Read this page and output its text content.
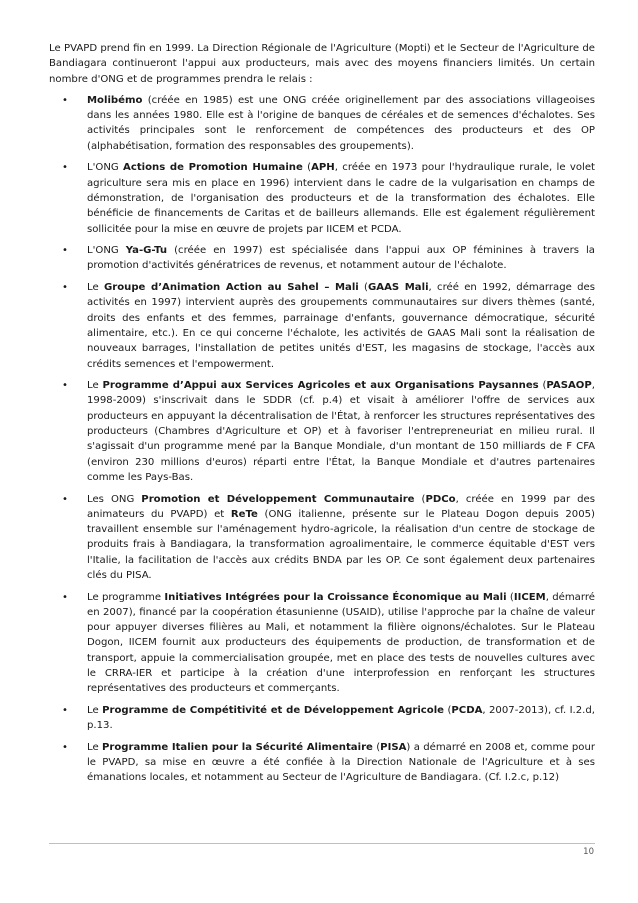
Le PVAPD prend fin en 1999. La Direction Régionale de l'Agriculture (Mopti) et le Secteur de l'Agriculture de Bandiagara continueront l'appui aux producteurs, mais avec des moyens financiers limités. Un certain nombre d'ONG et de programmes prendra le relais :

• Molibémo (créée en 1985) est une ONG créée originellement par des associations villageoises dans les années 1980. Elle est à l'origine de banques de céréales et de semences d'échalotes. Ses activités principales sont le renforcement de compétences des producteurs et des OP (alphabétisation, formation des responsables des groupements).
• L'ONG Actions de Promotion Humaine (APH, créée en 1973 pour l'hydraulique rurale, le volet agriculture sera mis en place en 1996) intervient dans le cadre de la vulgarisation en champs de démonstration, de l'organisation des producteurs et de la transformation des échalotes. Elle bénéficie de financements de Caritas et de bailleurs allemands. Elle est également régulièrement sollicitée pour la mise en œuvre de projets par IICEM et PCDA.
• L'ONG Ya-G-Tu (créée en 1997) est spécialisée dans l'appui aux OP féminines à travers la promotion d'activités génératrices de revenus, et notamment autour de l'échalote.
• Le Groupe d’Animation Action au Sahel – Mali (GAAS Mali, créé en 1992, démarrage des activités en 1997) intervient auprès des groupements communautaires sur divers thèmes (santé, droits des enfants et des femmes, parrainage d'enfants, gouvernance démocratique, sécurité alimentaire, etc.). En ce qui concerne l'échalote, les activités de GAAS Mali sont la réalisation de nouveaux barrages, l'installation de petites unités d'EST, les magasins de stockage, l'accès aux crédits semences et l'empowerment.
• Le Programme d’Appui aux Services Agricoles et aux Organisations Paysannes (PASAOP, 1998-2009) s'inscrivait dans le SDDR (cf. p.4) et visait à améliorer l'offre de services aux producteurs en appuyant la décentralisation de l'État, à renforcer les structures représentatives des producteurs (Chambres d'Agriculture et OP) et à favoriser l'entrepreneuriat en milieu rural. Il s'agissait d'un programme mené par la Banque Mondiale, d'un montant de 150 milliards de F CFA (environ 230 millions d'euros) réparti entre l'État, la Banque Mondiale et d'autres partenaires comme les Pays-Bas.
• Les ONG Promotion et Développement Communautaire (PDCo, créée en 1999 par des animateurs du PVAPD) et ReTe (ONG italienne, présente sur le Plateau Dogon depuis 2005) travaillent ensemble sur l'aménagement hydro-agricole, la réalisation d'un centre de stockage de produits frais à Bandiagara, la transformation agroalimentaire, le commerce équitable d'EST vers l'Italie, la facilitation de l'accès aux crédits BNDA par les OP. Ce sont également deux partenaires clés du PISA.
• Le programme Initiatives Intégrées pour la Croissance Économique au Mali (IICEM, démarré en 2007), financé par la coopération étasunienne (USAID), utilise l'approche par la chaîne de valeur pour appuyer diverses filières au Mali, et notamment la filière oignons/échalotes. Sur le Plateau Dogon, IICEM fournit aux producteurs des équipements de production, de transformation et de transport, appuie la commercialisation groupée, met en place des tests de nouvelles cultures avec le CRRA-IER et participe à la création d'une interprofession en renforçant les structures représentatives des producteurs et commerçants.
• Le Programme de Compétitivité et de Développement Agricole (PCDA, 2007-2013), cf. I.2.d, p.13.
• Le Programme Italien pour la Sécurité Alimentaire (PISA) a démarré en 2008 et, comme pour le PVAPD, sa mise en œuvre a été confiée à la Direction Nationale de l'Agriculture et à ses émanations locales, et notamment au Secteur de l'Agriculture de Bandiagara. (Cf. I.2.c, p.12)
10
